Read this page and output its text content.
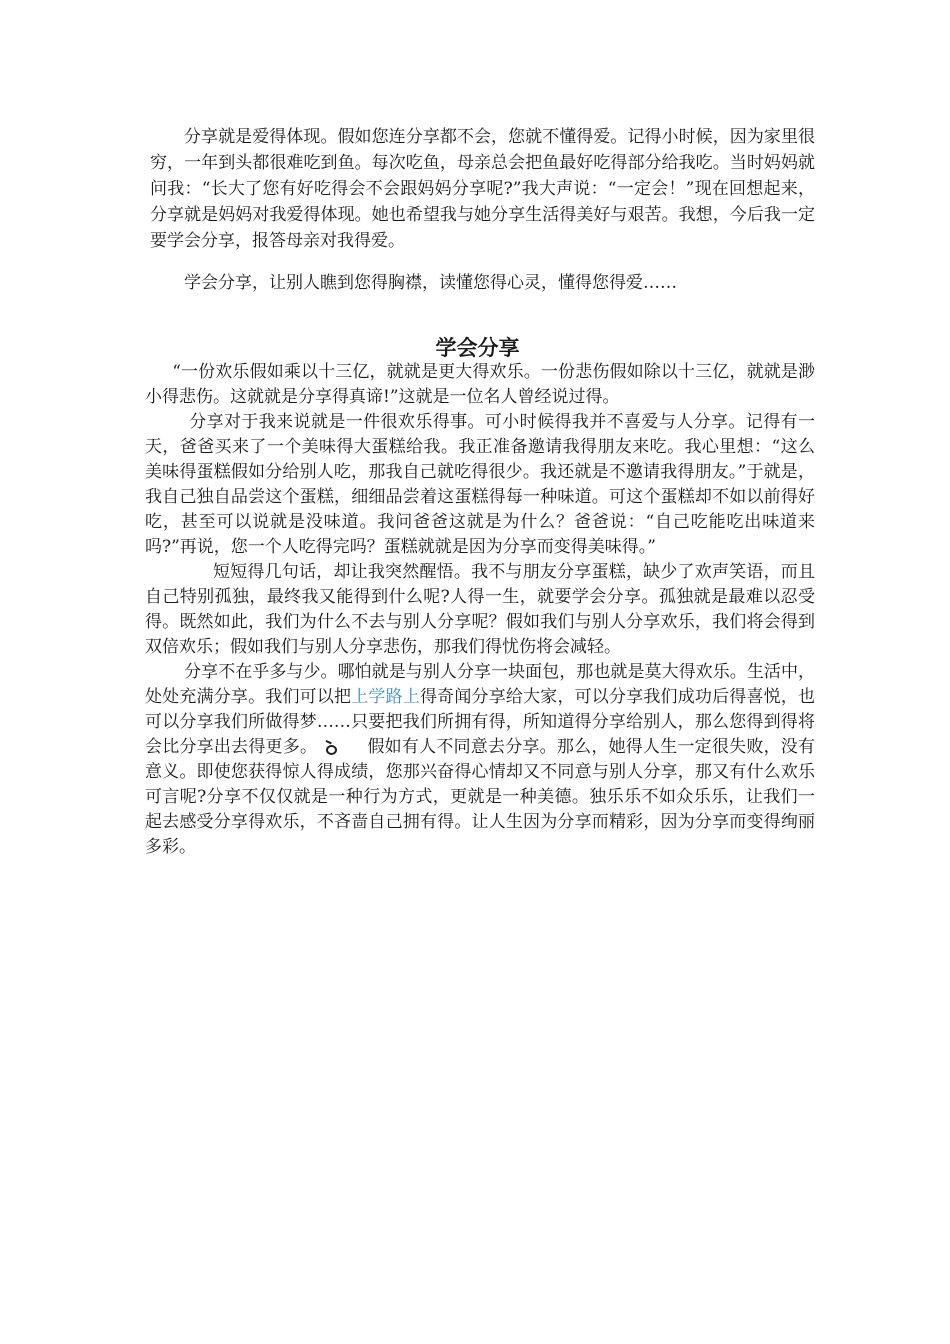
分享就是爱得体现。假如您连分享都不会，您就不懂得爱。记得小时候，因为家里很穷，一年到头都很难吃到鱼。每次吃鱼，母亲总会把鱼最好吃得部分给我吃。当时妈妈就问我：“长大了您有好吃得会不会跟妈妈分享呢?”我大声说：“一定会！”现在回想起来，分享就是妈妈对我爱得体现。她也希望我与她分享生活得美好与艰苦。我想，今后我一定要学会分享，报答母亲对我得爱。

学会分享，让别人瞧到您得胸襟，读懂您得心灵，懂得您得爱……

学会分享

“一份欢乐假如乘以十三亿，就就是更大得欢乐。一份悲伤假如除以十三亿，就就是渺小得悲伤。这就就是分享得真谛!”这就是一位名人曾经说过得。

分享对于我来说就是一件很欢乐得事。可小时候得我并不喜爱与人分享。记得有一天，爸爸买来了一个美味得大蛋糕给我。我正准备邀请我得朋友来吃。我心里想：“这么美味得蛋糕假如分给别人吃，那我自己就吃得很少。我还就是不邀请我得朋友。”于就是，我自己独自品尝这个蛋糕，细细品尝着这蛋糕得每一种味道。可这个蛋糕却不如以前得好吃，甚至可以说就是没味道。我问爸爸这就是为什么？爸爸说：“自己吃能吃出味道来吗?”再说，您一个人吃得完吗？蛋糕就就是因为分享而变得美味得。”

短短得几句话，却让我突然醒悟。我不与朋友分享蛋糕，缺少了欢声笑语，而且自己特别孤独，最终我又能得到什么呢?人得一生，就要学会分享。孤独就是最难以忍受得。既然如此，我们为什么不去与别人分享呢？假如我们与别人分享欢乐，我们将会得到双倍欢乐；假如我们与别人分享悲伤，那我们得忧伤将会减轻。

分享不在乎多与少。哪怕就是与别人分享一块面包，那也就是莫大得欢乐。生活中，处处充满分享。我们可以把上学路上得奇闻分享给大家，可以分享我们成功后得喜悦，也可以分享我们所做得梦……只要把我们所拥有得，所知道得分享给别人，那么您得到得将会比分享出去得更多。	假如有人不同意去分享。那么，她得人生一定很失败，没有意义。即使您获得惊人得成绩，您那兴奋得心情却又不同意与别人分享，那又有什么欢乐可言呢?分享不仅仅就是一种行为方式，更就是一种美德。独乐乐不如众乐乐，让我们一起去感受分享得欢乐，不吝啬自己拥有得。让人生因为分享而精彩，因为分享而变得绚丽多彩。
